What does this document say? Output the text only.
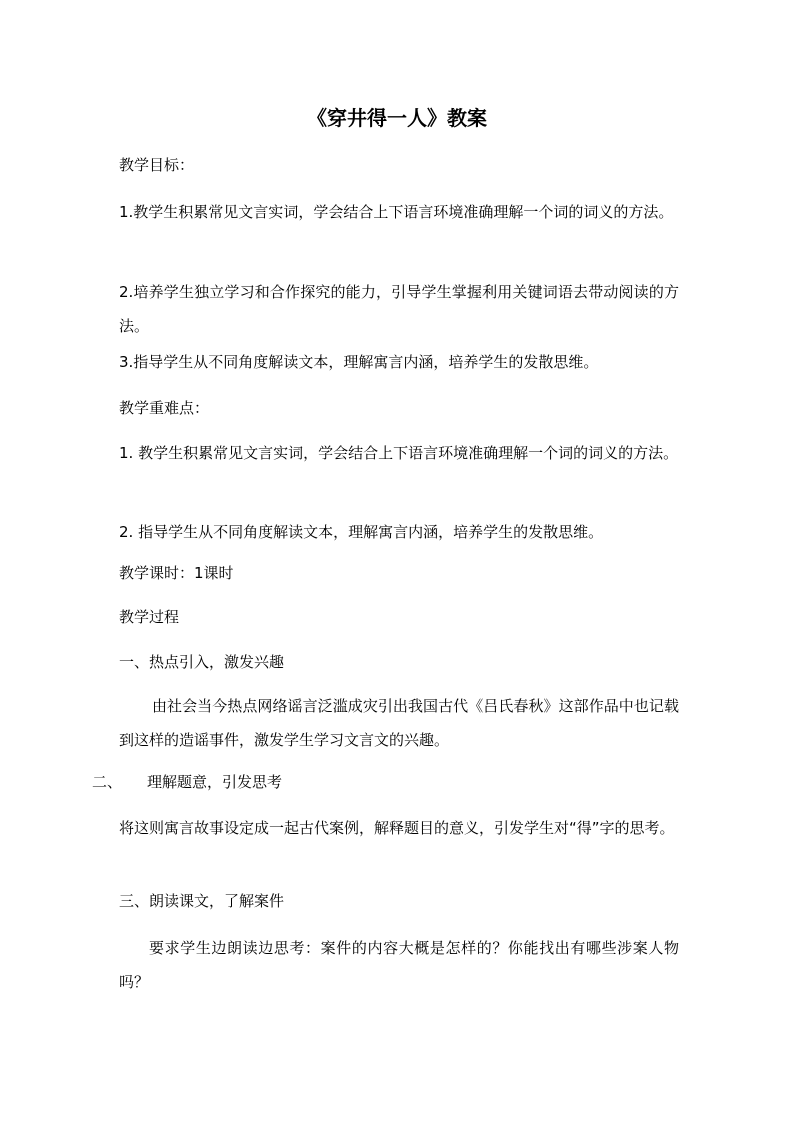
《穿井得一人》教案
教学目标：
1.教学生积累常见文言实词，学会结合上下语言环境准确理解一个词的词义的方法。
2.培养学生独立学习和合作探究的能力，引导学生掌握利用关键词语去带动阅读的方法。
3.指导学生从不同角度解读文本，理解寓言内涵，培养学生的发散思维。
教学重难点：
1. 教学生积累常见文言实词，学会结合上下语言环境准确理解一个词的词义的方法。
2. 指导学生从不同角度解读文本，理解寓言内涵，培养学生的发散思维。
教学课时：1课时
教学过程
一、热点引入，激发兴趣
由社会当今热点网络谣言泛滥成灾引出我国古代《吕氏春秋》这部作品中也记载到这样的造谣事件，激发学生学习文言文的兴趣。
二、 理解题意，引发思考
将这则寓言故事设定成一起古代案例，解释题目的意义，引发学生对“得”字的思考。
三、朗读课文，了解案件
要求学生边朗读边思考：案件的内容大概是怎样的？你能找出有哪些涉案人物吗？
